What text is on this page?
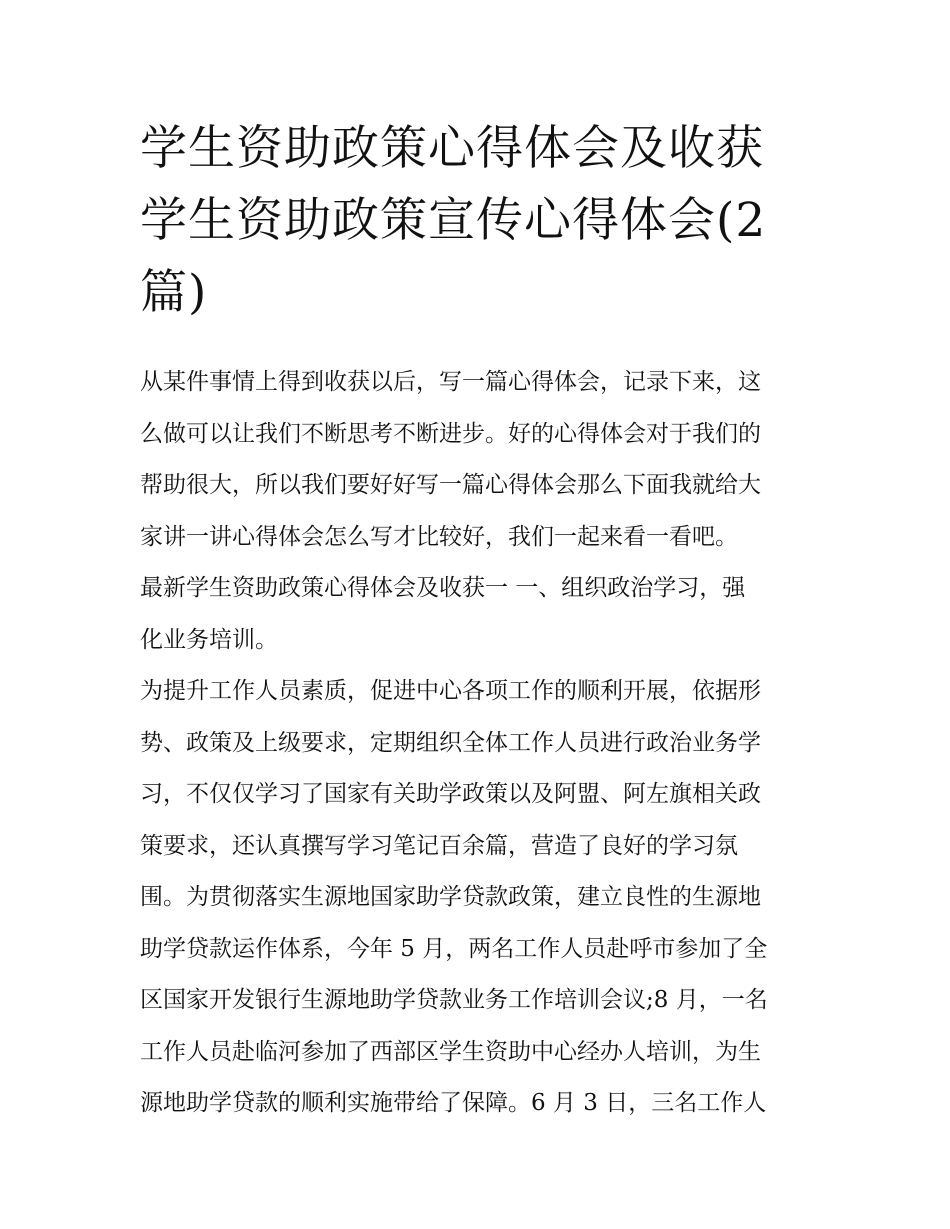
学生资助政策心得体会及收获
学生资助政策宣传心得体会(2
篇)
从某件事情上得到收获以后，写一篇心得体会，记录下来，这
么做可以让我们不断思考不断进步。好的心得体会对于我们的
帮助很大，所以我们要好好写一篇心得体会那么下面我就给大
家讲一讲心得体会怎么写才比较好，我们一起来看一看吧。
最新学生资助政策心得体会及收获一 一、组织政治学习，强
化业务培训。
为提升工作人员素质，促进中心各项工作的顺利开展，依据形
势、政策及上级要求，定期组织全体工作人员进行政治业务学
习，不仅仅学习了国家有关助学政策以及阿盟、阿左旗相关政
策要求，还认真撰写学习笔记百余篇，营造了良好的学习氛
围。为贯彻落实生源地国家助学贷款政策，建立良性的生源地
助学贷款运作体系，今年 5 月，两名工作人员赴呼市参加了全
区国家开发银行生源地助学贷款业务工作培训会议;8 月，一名
工作人员赴临河参加了西部区学生资助中心经办人培训，为生
源地助学贷款的顺利实施带给了保障。6 月 3 日，三名工作人
